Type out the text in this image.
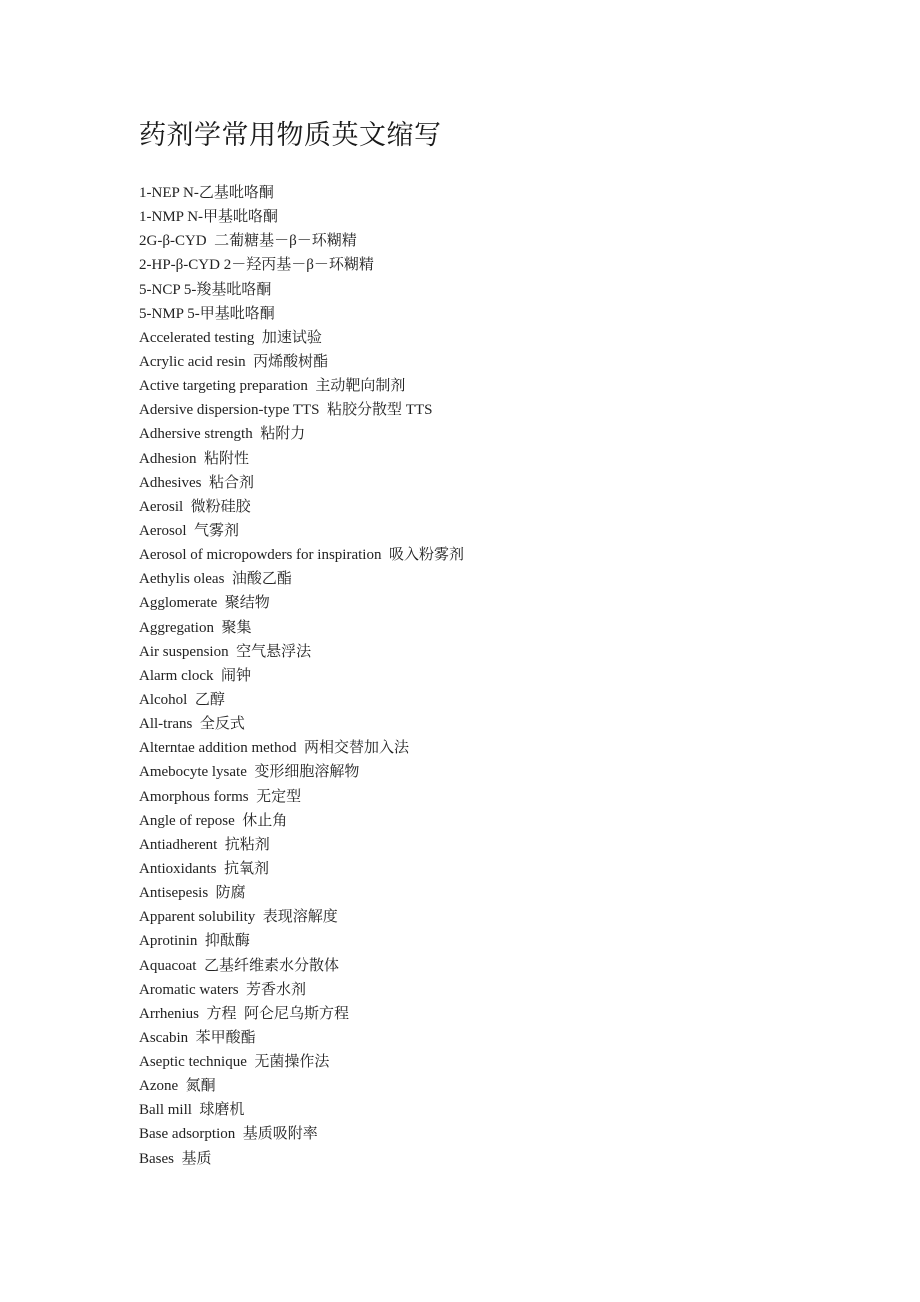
药剂学常用物质英文缩写
1-NEP N-乙基吡咯酮
1-NMP N-甲基吡咯酮
2G-β-CYD  二葡糖基－β－环糊精
2-HP-β-CYD 2－羟丙基－β－环糊精
5-NCP 5-羧基吡咯酮
5-NMP 5-甲基吡咯酮
Accelerated testing  加速试验
Acrylic acid resin  丙烯酸树酯
Active targeting preparation  主动靶向制剂
Adersive dispersion-type TTS  粘胶分散型 TTS
Adhersive strength  粘附力
Adhesion  粘附性
Adhesives  粘合剂
Aerosil  微粉硅胶
Aerosol  气雾剂
Aerosol of micropowders for inspiration  吸入粉雾剂
Aethylis oleas  油酸乙酯
Agglomerate  聚结物
Aggregation  聚集
Air suspension  空气悬浮法
Alarm clock  闹钟
Alcohol  乙醇
All-trans  全反式
Alterntae addition method  两相交替加入法
Amebocyte lysate  变形细胞溶解物
Amorphous forms  无定型
Angle of repose  休止角
Antiadherent  抗粘剂
Antioxidants  抗氧剂
Antisepesis  防腐
Apparent solubility  表现溶解度
Aprotinin  抑酞酶
Aquacoat  乙基纤维素水分散体
Aromatic waters  芳香水剂
Arrhenius  方程  阿仑尼乌斯方程
Ascabin  苯甲酸酯
Aseptic technique  无菌操作法
Azone  氮酮
Ball mill  球磨机
Base adsorption  基质吸附率
Bases  基质
